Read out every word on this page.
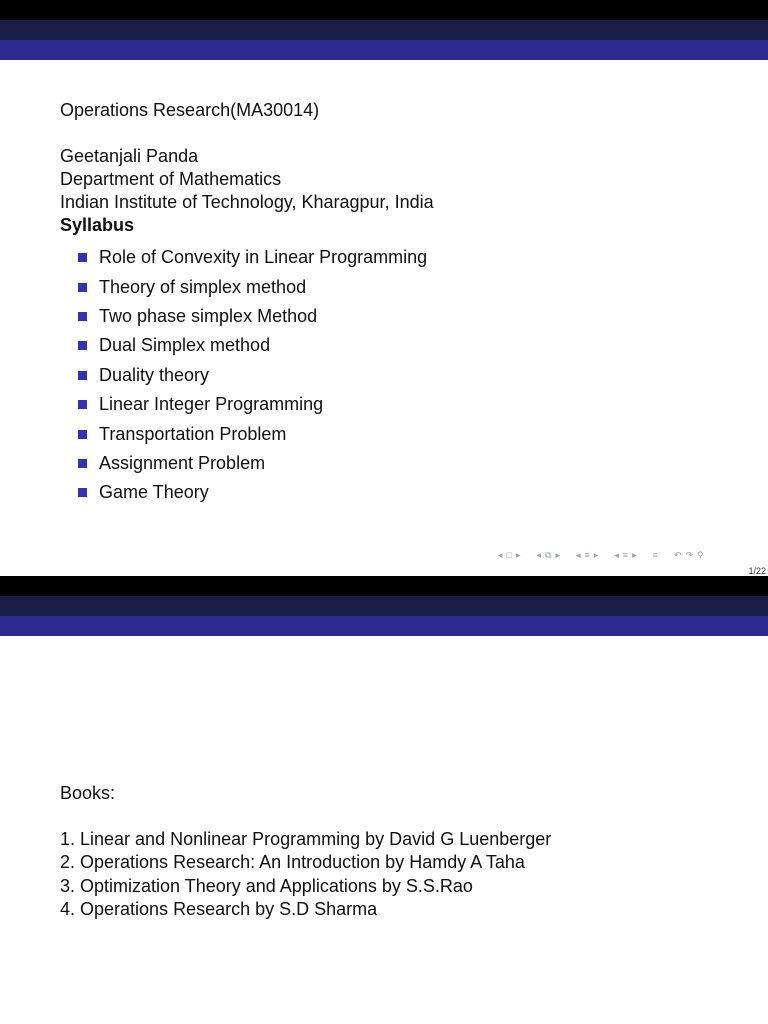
Operations Research(MA30014)
Geetanjali Panda
Department of Mathematics
Indian Institute of Technology, Kharagpur, India
Syllabus
Role of Convexity in Linear Programming
Theory of simplex method
Two phase simplex Method
Dual Simplex method
Duality theory
Linear Integer Programming
Transportation Problem
Assignment Problem
Game Theory
◂ □ ▸ ◂ ⧉ ▸ ◂ ≡ ▸ ◂ ≡ ▸ ≡ ↶ ↷ ⚲
1/22
Books:
1. Linear and Nonlinear Programming by David G Luenberger
2. Operations Research: An Introduction by Hamdy A Taha
3. Optimization Theory and Applications by S.S.Rao
4. Operations Research by S.D Sharma
